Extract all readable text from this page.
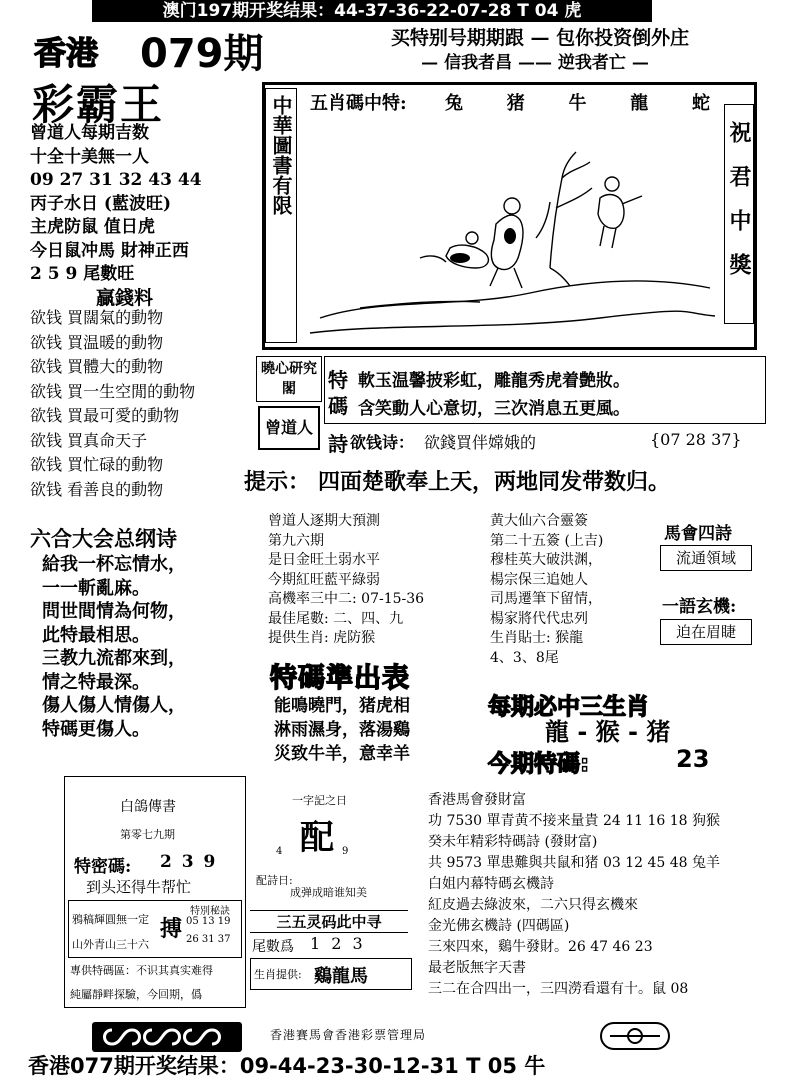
澳门197期开奖结果：44-37-36-22-07-28 T 04 虎
买特别号期期跟 — 包你投资倒外庄
— 信我者昌 —— 逆我者亡 —
香港 079期
彩霸王
曾道人每期吉数
十全十美無一人
09 27 31 32 43 44
丙子水日 (藍波旺)
主虎防鼠 值日虎
今日鼠冲馬 財神正西
2 5 9 尾數旺
贏錢料
欲钱 買闊氣的動物
欲钱 買温暖的動物
欲钱 買體大的動物
欲钱 買一生空閒的動物
欲钱 買最可愛的動物
欲钱 買真命天子
欲钱 買忙碌的動物
欲钱 看善良的動物
中華圖書有限	祝君中獎
五肖碼中特: 兔 猪 牛 龍 蛇
曉心研究閣
曾道人
特
碼
軟玉温馨披彩虹，雕龍秀虎着艶妝。
含笑動人心意切，三次消息五更風。
詩 欲钱诗： 欲錢買伴嫦娥的	{07 28 37}
提示： 四面楚歌奉上天，两地同发带数归。
六合大会总纲诗
給我一杯忘情水，
一一斬亂麻。
問世間情為何物，
此特最相思。
三教九流都來到，
情之特最深。
傷人傷人情傷人，
特碼更傷人。
曾道人逐期大預測
第九六期
是日金旺土弱水平
今期紅旺藍平綠弱
高機率三中二: 07-15-36
最佳尾數: 二、四、九
提供生肖: 虎防猴
黄大仙六合靈簽
第二十五簽 (上吉)
穆桂英大破洪渊，
楊宗保三追她人
司馬遷筆下留情，
楊家將代代忠列
生肖貼士: 猴龍
4、3、8尾
馬會四詩
流通領域
一語玄機:
迫在眉睫
特碼準出表
能鳴曉門，猪虎相
淋雨濕身，落湯鷄
災致牛羊，意幸羊
每期必中三生肖
龍 - 猴 - 猪
今期特碼:	23
白鴿傳書
第零七九期
特密碼: 2 3 9
到头还得牛帮忙
鴉稿輝圓無一定
山外青山三十六
搏
特別秘訣
05 13 19
26 31 37
專供特碼區：不识其真实难得
純屬靜畔探驗，今回期，僞
一字記之日
配
4	9
配詩日:
成弹成暗谁知美
三五灵码此中寻
尾數爲 1 2 3
生肖提供: 鷄龍馬
香港馬會發財富
功 7530 單青黄不接来量貴 24 11 16 18 狗猴
癸未年精彩特碼詩 (發財富)
共 9573 單患難與共鼠和猪 03 12 45 48 兔羊
白姐内幕特碼玄機詩
紅皮過去綠波來，二六只得玄機來
金光佛玄機詩 (四碼區)
三來四來，鷄牛發財。26 47 46 23
最老版無字天書
三二在合四出一，三四澇看還有十。鼠 08
香港賽馬會香港彩票管理局
香港077期开奖结果：09-44-23-30-12-31 T 05 牛
